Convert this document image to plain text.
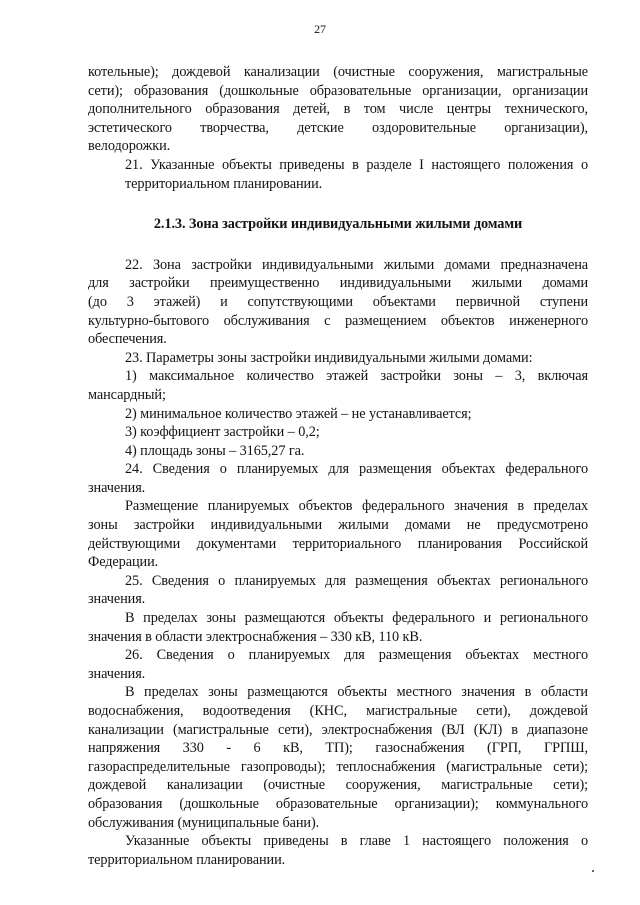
27
котельные); дождевой канализации (очистные сооружения, магистральные
сети); образования (дошкольные образовательные организации, организации
дополнительного образования детей, в том числе центры технического,
эстетического творчества, детские оздоровительные организации),
велодорожки.
21. Указанные объекты приведены в разделе I настоящего положения о
территориальном планировании.
2.1.3. Зона застройки индивидуальными жилыми домами
22. Зона застройки индивидуальными жилыми домами предназначена
для застройки преимущественно индивидуальными жилыми домами
(до 3 этажей) и сопутствующими объектами первичной ступени
культурно-бытового обслуживания с размещением объектов инженерного
обеспечения.
23. Параметры зоны застройки индивидуальными жилыми домами:
1) максимальное количество этажей застройки зоны – 3, включая
мансардный;
2) минимальное количество этажей – не устанавливается;
3) коэффициент застройки – 0,2;
4) площадь зоны – 3165,27 га.
24. Сведения о планируемых для размещения объектах федерального
значения.
Размещение планируемых объектов федерального значения в пределах
зоны застройки индивидуальными жилыми домами не предусмотрено
действующими документами территориального планирования Российской
Федерации.
25. Сведения о планируемых для размещения объектах регионального
значения.
В пределах зоны размещаются объекты федерального и регионального
значения в области электроснабжения – 330 кВ, 110 кВ.
26. Сведения о планируемых для размещения объектах местного
значения.
В пределах зоны размещаются объекты местного значения в области
водоснабжения, водоотведения (КНС, магистральные сети), дождевой
канализации (магистральные сети), электроснабжения (ВЛ (КЛ) в диапазоне
напряжения 330 - 6 кВ, ТП); газоснабжения (ГРП, ГРПШ,
газораспределительные газопроводы); теплоснабжения (магистральные сети);
дождевой канализации (очистные сооружения, магистральные сети);
образования (дошкольные образовательные организации); коммунального
обслуживания (муниципальные бани).
Указанные объекты приведены в главе 1 настоящего положения о
территориальном планировании.
